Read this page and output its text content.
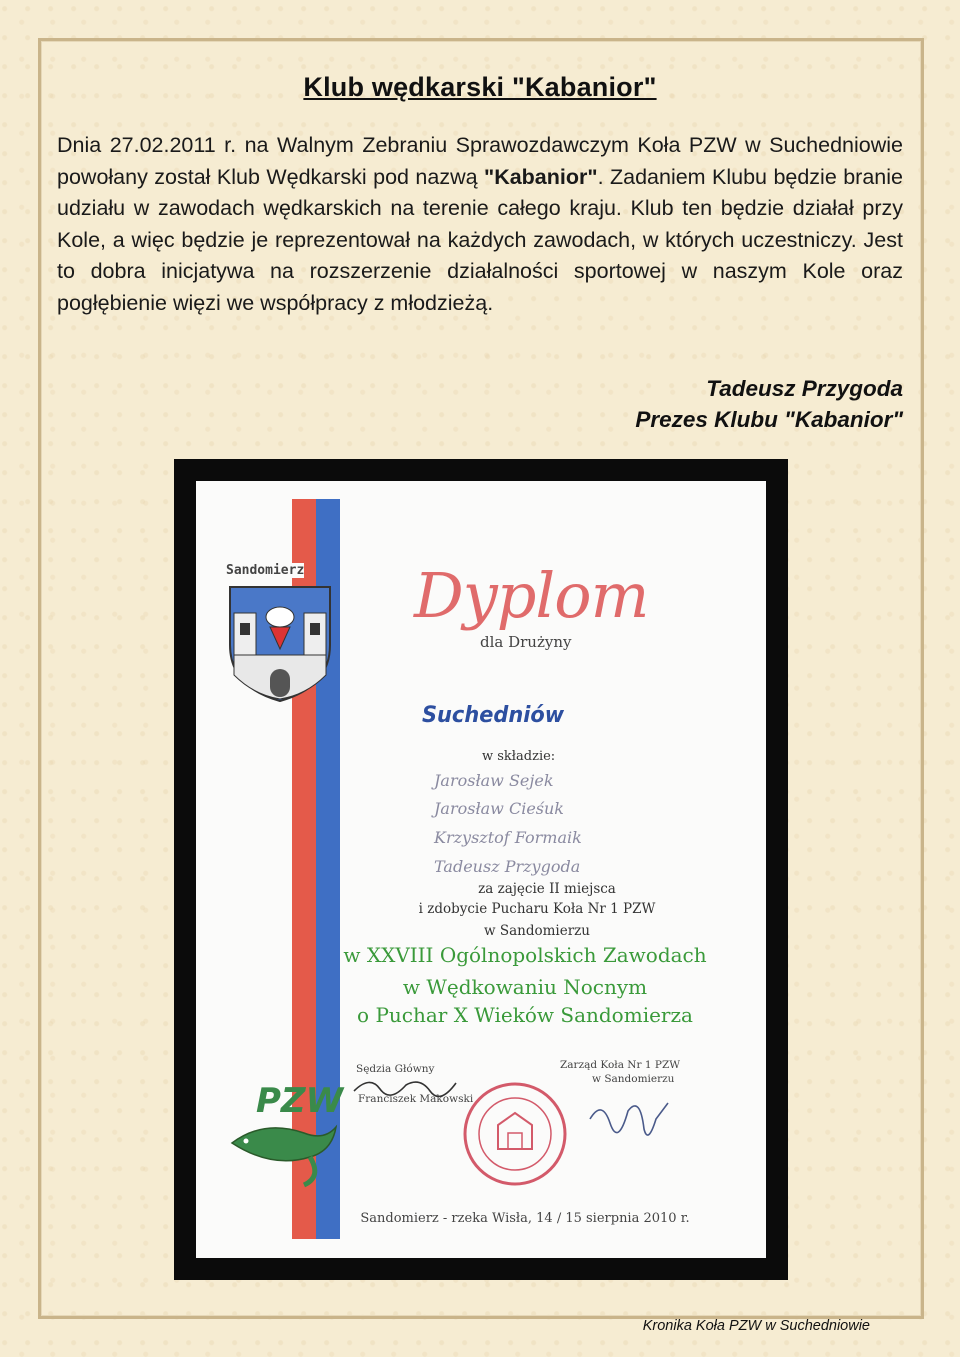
Klub wędkarski "Kabanior"
Dnia 27.02.2011 r. na Walnym Zebraniu Sprawozdawczym Koła PZW w Suchedniowie powołany został Klub Wędkarski pod nazwą "Kabanior". Zadaniem Klubu będzie branie udziału w zawodach wędkarskich na terenie całego kraju. Klub ten będzie działał przy Kole, a więc będzie je reprezentował na każdych zawodach, w których uczestniczy. Jest to dobra inicjatywa na rozszerzenie działalności sportowej w naszym Kole oraz pogłębienie więzi we współpracy z młodzieżą.
Tadeusz Przygoda
Prezes Klubu "Kabanior"
Sandomierz Dyplom
dla Drużyny
Suchedniów
w składzie:
Jarosław Sejek
Jarosław Cieśuk
Krzysztof Formaik
Tadeusz Przygoda
za zajęcie II miejsca
i zdobycie Pucharu Koła Nr 1 PZW
w Sandomierzu
w XXVIII Ogólnopolskich Zawodach
w Wędkowaniu Nocnym
o Puchar X Wieków Sandomierza
Sędzia Główny
Franciszek Makowski
Zarząd Koła Nr 1 PZW
w Sandomierzu
PZW
Sandomierz - rzeka Wisła, 14 / 15 sierpnia 2010 r.
Kronika Koła PZW w Suchedniowie
